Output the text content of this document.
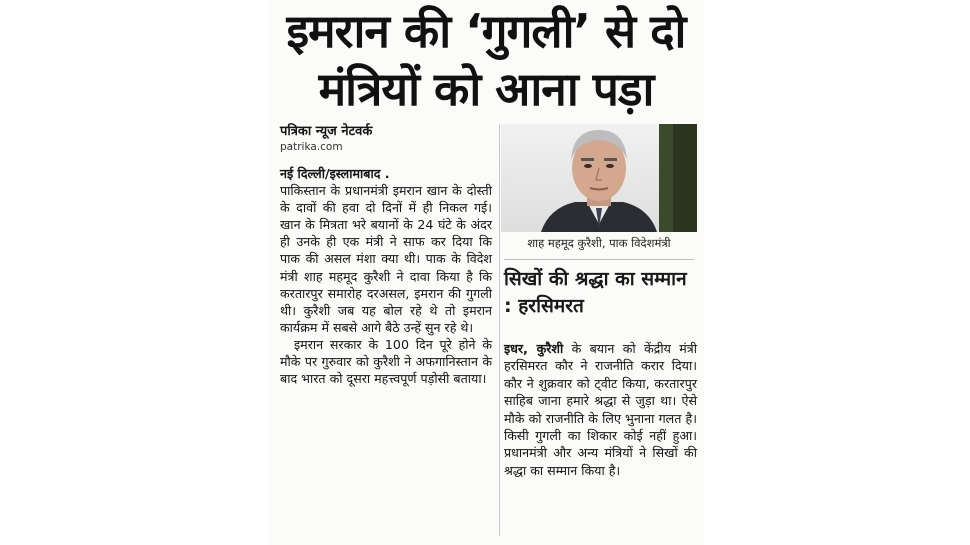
इमरान की ‘गुगली’ से दो
मंत्रियों को आना पड़ा
पत्रिका न्यूज नेटवर्क
patrika.com
नई दिल्ली/इस्लामाबाद .

पाकिस्तान के प्रधानमंत्री इमरान खान के दोस्ती के दावों की हवा दो दिनों में ही निकल गई। खान के मित्रता भरे बयानों के 24 घंटे के अंदर ही उनके ही एक मंत्री ने साफ कर दिया कि पाक की असल मंशा क्या थी। पाक के विदेश मंत्री शाह महमूद कुरैशी ने दावा किया है कि करतारपुर समारोह दरअसल, इमरान की गुगली थी। कुरैशी जब यह बोल रहे थे तो इमरान कार्यक्रम में सबसे आगे बैठे उन्हें सुन रहे थे।

इमरान सरकार के 100 दिन पूरे होने के मौके पर गुरुवार को कुरैशी ने अफगानिस्तान के बाद भारत को दूसरा महत्त्वपूर्ण पड़ोसी बताया।

शाह महमूद कुरैशी, पाक विदेशमंत्री
सिखों की श्रद्धा का सम्मान : हरसिमरत
इधर, कुरैशी के बयान को केंद्रीय मंत्री हरसिमरत कौर ने राजनीति करार दिया। कौर ने शुक्रवार को ट्वीट किया, करतारपुर साहिब जाना हमारे श्रद्धा से जुड़ा था। ऐसे मौके को राजनीति के लिए भुनाना गलत है। किसी गुगली का शिकार कोई नहीं हुआ। प्रधानमंत्री और अन्य मंत्रियों ने सिखों की श्रद्धा का सम्मान किया है।
